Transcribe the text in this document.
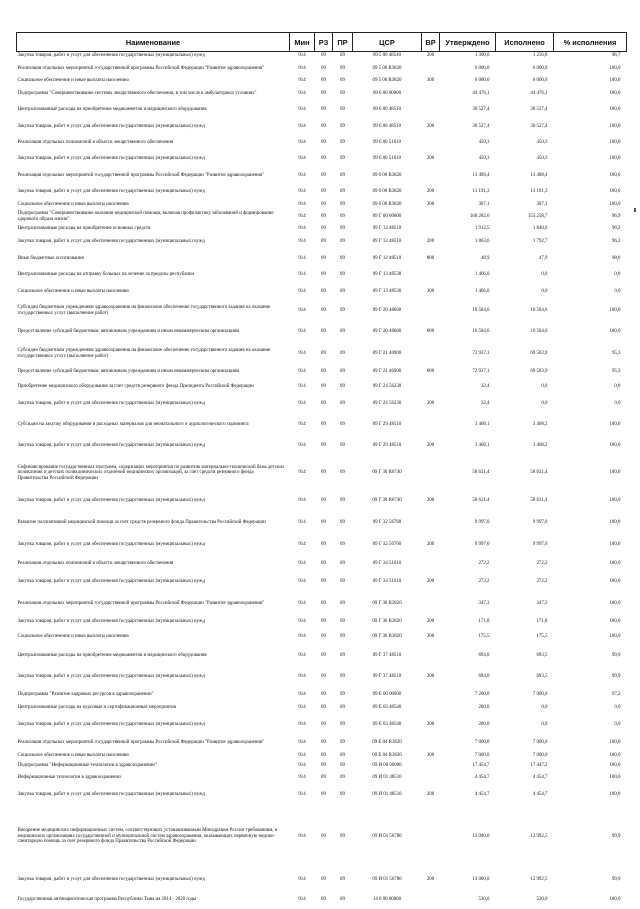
Наименование	Мин	РЗ	ПР	ЦСР	ВР	Утверждено	Исполнено	% исполнения
Закупка товаров, работ и услуг для обеспечения государственных (муниципальных) нужд	914	09	09	09 5 00 48540	200	1 300,0	1 256,8	96,7
Реализация отдельных мероприятий государственной программы Российской Федерации "Развитие здравоохранения"	914	09	09	09 5 00 R3820		6 000,0	6 000,0	100,0
Социальное обеспечение и иные выплаты населению	914	09	09	09 5 00 R3820	300	6 000,0	6 000,0	100,0
Подпрограмма "Совершенствование системы лекарственного обеспечения, в том числе в амбулаторных условиях"	914	09	09	09 6 00 00000		44 476,1	44 476,1	100,0
Централизованные расходы на приобретение медикаментов и медицинского оборудования	914	09	09	09 6 00 48510		30 527,4	30 527,4	100,0
Закупка товаров, работ и услуг для обеспечения государственных (муниципальных) нужд	914	09	09	09 6 00 48510	200	30 527,4	30 527,4	100,0
Реализация отдельных полномочий в области лекарственного обеспечения	914	09	09	09 6 00 51610		450,3	450,3	100,0
Закупка товаров, работ и услуг для обеспечения государственных (муниципальных) нужд	914	09	09	09 6 00 51610	200	450,3	450,3	100,0
Реализация отдельных мероприятий государственной программы Российской Федерации "Развитие здравоохранения"	914	09	09	09 6 00 R3820		13 498,4	13 498,4	100,0
Закупка товаров, работ и услуг для обеспечения государственных (муниципальных) нужд	914	09	09	09 6 00 R3820	200	13 191,3	13 191,3	100,0
Социальное обеспечение и иные выплаты населению	914	09	09	09 6 00 R3820	300	307,1	307,1	100,0
Подпрограмма "Совершенствование оказания медицинской помощи, включая профилактику заболеваний и формирование здорового образа жизни"	914	09	09	09 Г 00 00000		160 282,6	155 258,7	96,9
Централизованные расходы на приобретение основных средств	914	09	09	09 Г 12 48510		1 912,5	1 840,6	96,2
Закупка товаров, работ и услуг для обеспечения государственных (муниципальных) нужд	914	09	09	09 Г 12 48510	200	1 863,6	1 792,7	96,2
Иные бюджетные ассигнования	914	09	09	09 Г 12 48510	800	48,9	47,9	98,0
Централизованные расходы на отправку больных на лечение за пределы республики	914	09	09	09 Г 13 48530		1 466,0	0,0	0,0
Социальное обеспечение и иные выплаты населению	914	09	09	09 Г 13 48530	300	1 466,0	0,0	0,0
Субсидии бюджетным учреждениям здравоохранения на финансовое обеспечение государственного задания на оказание государственных услуг (выполнение работ)	914	09	09	09 Г 20 48600		10 504,6	10 504,6	100,0
Предоставление субсидий бюджетным, автономным учреждениям и иным некоммерческим организациям	914	09	09	09 Г 20 48600	600	10 504,6	10 504,6	100,0
Субсидии бюджетным учреждениям здравоохранения на финансовое обеспечение государственного задания на оказание государственных услуг (выполнение работ)	914	09	09	09 Г 21 46900		72 937,1	69 503,9	95,3
Предоставление субсидий бюджетным, автономным учреждениям и иным некоммерческим организациям	914	09	09	09 Г 21 46900	600	72 937,1	69 503,9	95,3
Приобретение медицинского оборудования за счет средств резервного фонда Президента Российской Федерации	914	09	09	09 Г 24 56230		32,4	0,0	0,0
Закупка товаров, работ и услуг для обеспечения государственных (муниципальных) нужд	914	09	09	09 Г 24 56230	200	32,4	0,0	0,0
Субсидии на закупку оборудования и расходных материалов для неонатального и аудиологического скрининга	914	09	09	09 Г 29 48510		3 468,1	3 468,2	100,0
Закупка товаров, работ и услуг для обеспечения государственных (муниципальных) нужд	914	09	09	09 Г 29 48510	200	3 468,1	3 468,2	100,0
Софинансирование государственных программ, содержащих мероприятия по развитию материально-технической базы детских поликлиник и детских поликлинических отделений медицинских организаций, за счет средств резервного фонда Правительства Российской Федерации	914	09	09	09 Г 30 R6740		58 631,4	58 631,4	100,0
Закупка товаров, работ и услуг для обеспечения государственных (муниципальных) нужд	914	09	09	09 Г 30 R6740	200	58 631,4	58 631,4	100,0
Развитие паллиативной медицинской помощи за счет средств резервного фонда Правительства Российской Федерации	914	09	09	09 Г 32 56760		9 997,0	9 997,0	100,0
Закупка товаров, работ и услуг для обеспечения государственных (муниципальных) нужд	914	09	09	09 Г 32 56760	200	9 997,0	9 997,0	100,0
Реализация отдельных полномочий в области лекарственного обеспечения	914	09	09	09 Г 34 51610		272,2	272,2	100,0
Закупка товаров, работ и услуг для обеспечения государственных (муниципальных) нужд	914	09	09	09 Г 34 51610	200	272,2	272,2	100,0
Реализация отдельных мероприятий государственной программы Российской Федерации "Развитие здравоохранения"	914	09	09	09 Г 36 R3820		347,3	347,3	100,0
Закупка товаров, работ и услуг для обеспечения государственных (муниципальных) нужд	914	09	09	09 Г 36 R3820	200	171,8	171,8	100,0
Социальное обеспечение и иные выплаты населению	914	09	09	09 Г 36 R3820	300	175,5	175,5	100,0
Централизованные расходы на приобретение медикаментов и медицинского оборудования	914	09	09	09 Г 37 48510		694,0	693,5	99,9
Закупка товаров, работ и услуг для обеспечения государственных (муниципальных) нужд	914	09	09	09 Г 37 48510	200	694,0	693,5	99,9
Подпрограмма "Развитие кадровых ресурсов в здравоохранении"	914	09	09	09 Е 00 00000		7 200,0	7 000,0	97,2
Централизованные расходы на курсовые и сертификационные мероприятия	914	09	09	09 Е 03 48540		200,0	0,0	0,0
Закупка товаров, работ и услуг для обеспечения государственных (муниципальных) нужд	914	09	09	09 Е 03 48540	200	200,0	0,0	0,0
Реализация отдельных мероприятий государственной программы Российской Федерации "Развитие здравоохранения"	914	09	09	09 Е 04 R3820		7 000,0	7 000,0	100,0
Социальное обеспечение и иные выплаты населению	914	09	09	09 Е 04 R3820	300	7 000,0	7 000,0	100,0
Подпрограмма "Информационные технологии в здравоохранении"	914	09	09	09 И 00 00000		17 454,7	17 447,2	100,0
Информационные технологии в здравоохранении	914	09	09	09 И 01 48510		4 454,7	4 454,7	100,0
Закупка товаров, работ и услуг для обеспечения государственных (муниципальных) нужд	914	09	09	09 И 01 48510	200	4 454,7	4 454,7	100,0
Внедрение медицинских информационных систем, соответствующих устанавливаемым Минздравом России требованиям, в медицинских организациях государственной и муниципальной систем здравоохранения, оказывающих первичную медико-санитарную помощь за счет резервного фонда Правительства Российской Федерации	914	09	09	09 И 01 56780		13 000,0	12 992,5	99,9
Закупка товаров, работ и услуг для обеспечения государственных (муниципальных) нужд	914	09	09	09 И 01 56780	200	13 000,0	12 992,5	99,9
Государственная антинаркотическая программа Республики Тыва на 2014 - 2020 годы	914	09	09	14 0 00 00000		530,0	530,0	100,0
